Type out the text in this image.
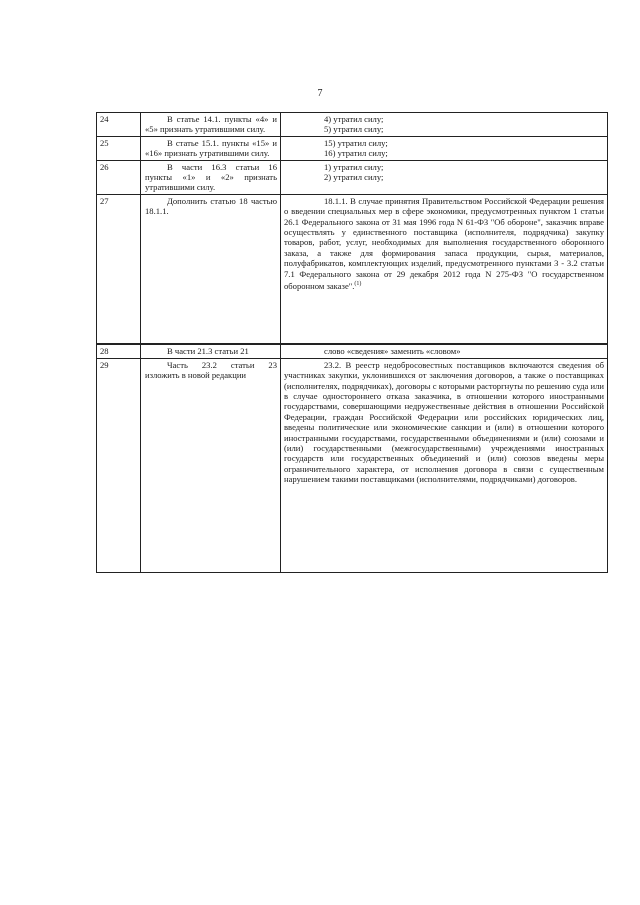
7
24	В статье 14.1. пункты «4» и «5» признать утратившими силу.	4) утратил силу;
5) утратил силу;

25	В статье 15.1. пункты «15» и «16» признать утратившими силу.	15) утратил силу;
16) утратил силу;

26	В части 16.3 статьи 16 пункты «1» и «2» признать утратившими силу.	1) утратил силу;
2) утратил силу;

27	Дополнить статью 18 частью 18.1.1.	18.1.1. В случае принятия Правительством Российской Федерации решения о введении специальных мер в сфере экономики, предусмотренных пунктом 1 статьи 26.1 Федерального закона от 31 мая 1996 года N 61-ФЗ "Об обороне", заказчик вправе осуществлять у единственного поставщика (исполнителя, подрядчика) закупку товаров, работ, услуг, необходимых для выполнения государственного оборонного заказа, а также для формирования запаса продукции, сырья, материалов, полуфабрикатов, комплектующих изделий, предусмотренного пунктами 3 - 3.2 статьи 7.1 Федерального закона от 29 декабря 2012 года N 275-ФЗ "О государственном оборонном заказе".$^{(1)}$

28	В части 21.3 статьи 21	слово «сведения» заменить «словом»

29	Часть 23.2 статьи 23 изложить в новой редакции	23.2. В реестр недобросовестных поставщиков включаются сведения об участниках закупки, уклонившихся от заключения договоров, а также о поставщиках (исполнителях, подрядчиках), договоры с которыми расторгнуты по решению суда или в случае одностороннего отказа заказчика, в отношении которого иностранными государствами, совершающими недружественные действия в отношении Российской Федерации, граждан Российской Федерации или российских юридических лиц, введены политические или экономические санкции и (или) в отношении которого иностранными государствами, государственными объединениями и (или) союзами и (или) государственными (межгосударственными) учреждениями иностранных государств или государственных объединений и (или) союзов введены меры ограничительного характера, от исполнения договора в связи с существенным нарушением такими поставщиками (исполнителями, подрядчиками) договоров.
